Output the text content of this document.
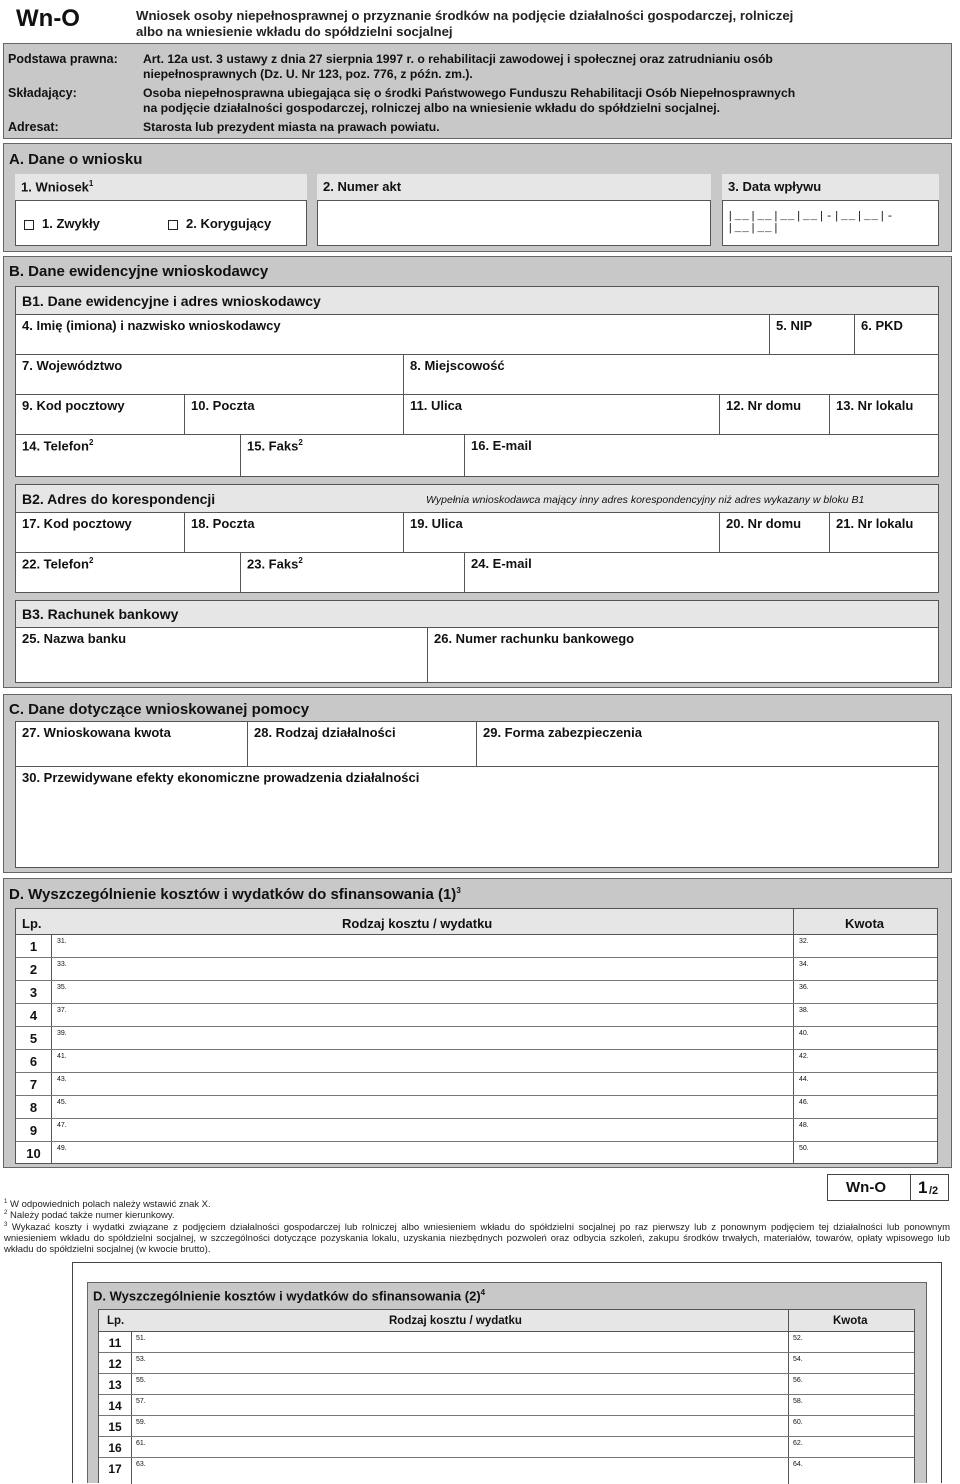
Wn-O	Wniosek osoby niepełnosprawnej o przyznanie środków na podjęcie działalności gospodarczej, rolniczej
albo na wniesienie wkładu do spółdzielni socjalnej
Podstawa prawna: Art. 12a ust. 3 ustawy z dnia 27 sierpnia 1997 r. o rehabilitacji zawodowej i społecznej oraz zatrudnianiu osób
niepełnosprawnych (Dz. U. Nr 123, poz. 776, z późn. zm.).
Składający:	Osoba niepełnosprawna ubiegająca się o środki Państwowego Funduszu Rehabilitacji Osób Niepełnosprawnych
na podjęcie działalności gospodarczej, rolniczej albo na wniesienie wkładu do spółdzielni socjalnej.
Adresat:	Starosta lub prezydent miasta na prawach powiatu.
A. Dane o wniosku
1. Wniosek$^1$
1. Zwykły	2. Korygujący
2. Numer akt	3. Data wpływu
|__|__|__|__|-|__|__|-|__|__|
B. Dane ewidencyjne wnioskodawcy
B1. Dane ewidencyjne i adres wnioskodawcy
4. Imię (imiona) i nazwisko wnioskodawcy	5. NIP	6. PKD
7. Województwo	8. Miejscowość
9. Kod pocztowy	10. Poczta	11. Ulica	12. Nr domu	13. Nr lokalu
14. Telefon$^2$	15. Faks$^2$	16. E-mail
B2. Adres do korespondencji	Wypełnia wnioskodawca mający inny adres korespondencyjny niż adres wykazany w bloku B1
17. Kod pocztowy	18. Poczta	19. Ulica	20. Nr domu	21. Nr lokalu
22. Telefon$^2$	23. Faks$^2$	24. E-mail
B3. Rachunek bankowy
25. Nazwa banku	26. Numer rachunku bankowego
C. Dane dotyczące wnioskowanej pomocy
27. Wnioskowana kwota	28. Rodzaj działalności	29. Forma zabezpieczenia
30. Przewidywane efekty ekonomiczne prowadzenia działalności
D. Wyszczególnienie kosztów i wydatków do sfinansowania $(1)^3$
Lp.	Rodzaj kosztu / wydatku	Kwota
1	31.	32.
2	33.	34.
3	35.	36.
4	37.	38.
5	39.	40.
6	41.	42.
7	43.	44.
8	45.	46.
9	47.	48.
10	49.	50.
Wn-O 1 /2
$^1$ W odpowiednich polach należy wstawić znak X.
$^2$ Należy podać także numer kierunkowy.
$^3$ Wykazać koszty i wydatki związane z podjęciem działalności gospodarczej lub rolniczej albo wniesieniem wkładu do spółdzielni socjalnej po raz pierwszy lub z ponownym podjęciem tej działalności lub ponownym wniesieniem wkładu do spółdzielni socjalnej, w szczególności dotyczące pozyskania lokalu, uzyskania niezbędnych pozwoleń oraz odbycia szkoleń, zakupu środków trwałych, materiałów, towarów, opłaty wpisowego lub wkładu do spółdzielni socjalnej (w kwocie brutto).
D. Wyszczególnienie kosztów i wydatków do sfinansowania $(2)^4$
Lp.	Rodzaj kosztu / wydatku	Kwota
11	51.	52.
12	53.	54.
13	55.	56.
14	57.	58.
15	59.	60.
16	61.	62.
17	63.	64.
